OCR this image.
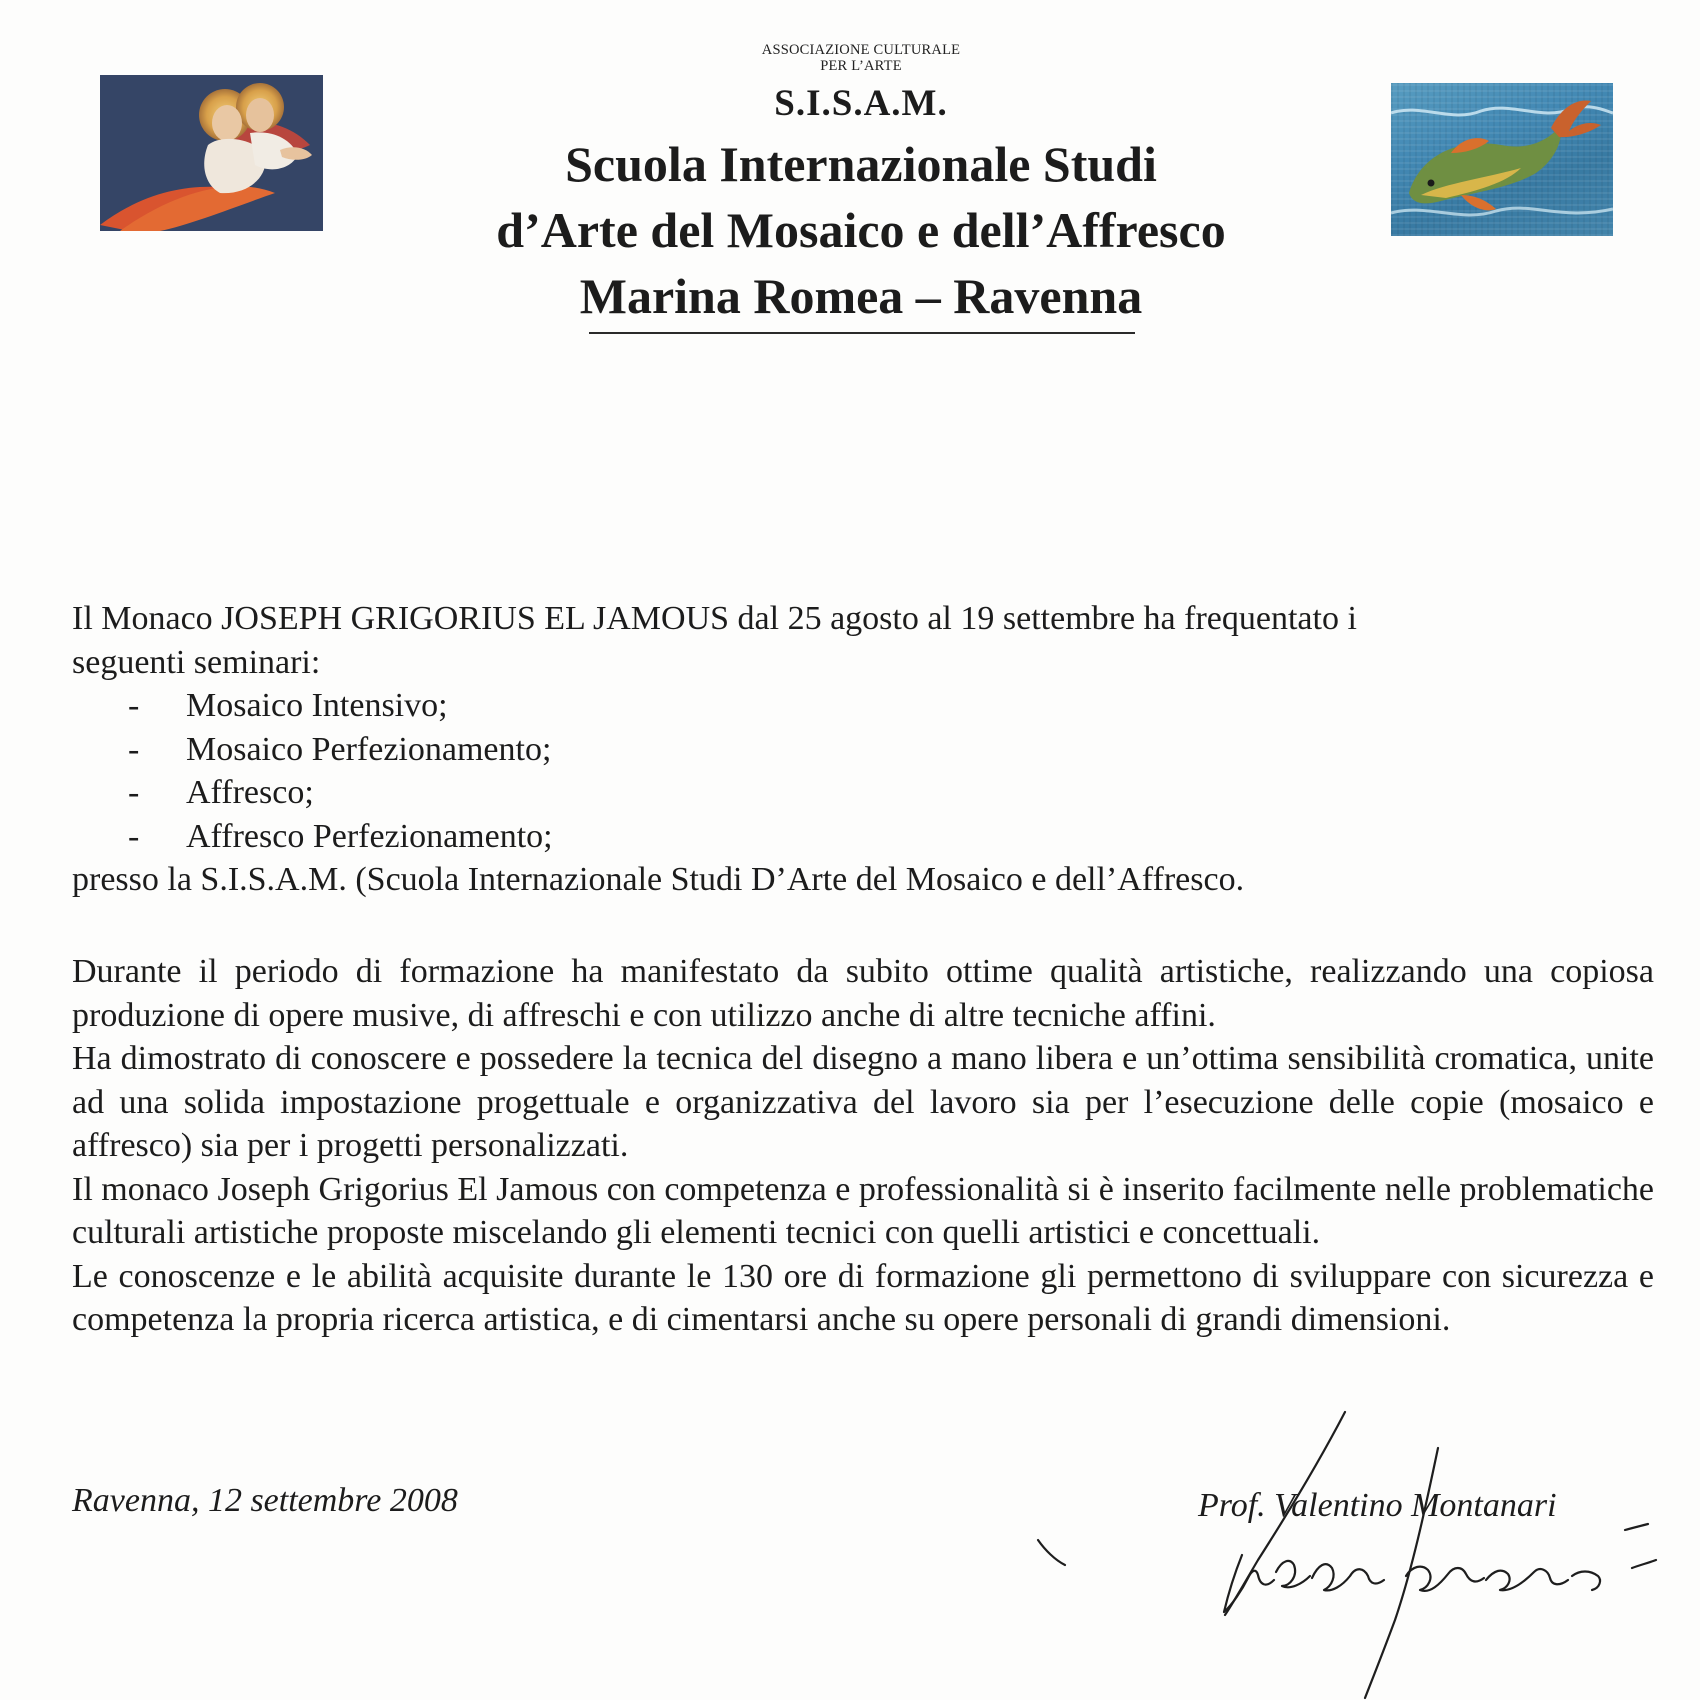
ASSOCIAZIONE CULTURALE
PER L’ARTE
S.I.S.A.M.
Scuola Internazionale Studi
d’Arte del Mosaico e dell’Affresco
Marina Romea – Ravenna

Il Monaco JOSEPH GRIGORIUS EL JAMOUS dal 25 agosto al 19 settembre ha frequentato i

seguenti seminari:

- Mosaico Intensivo;
- Mosaico Perfezionamento;
- Affresco;
- Affresco Perfezionamento;

presso la S.I.S.A.M. (Scuola Internazionale Studi D’Arte del Mosaico e dell’Affresco.

Durante il periodo di formazione ha manifestato da subito ottime qualità artistiche, realizzando una copiosa produzione di opere musive, di affreschi e con utilizzo anche di altre tecniche affini.

Ha dimostrato di conoscere e possedere la tecnica del disegno a mano libera e un’ottima sensibilità cromatica, unite ad una solida impostazione progettuale e organizzativa del lavoro sia per l’esecuzione delle copie (mosaico e affresco) sia per i progetti personalizzati.

Il monaco Joseph Grigorius El Jamous con competenza e professionalità si è inserito facilmente nelle problematiche culturali artistiche proposte miscelando gli elementi tecnici con quelli artistici e concettuali.

Le conoscenze e le abilità acquisite durante le 130 ore di formazione gli permettono di sviluppare con sicurezza e competenza la propria ricerca artistica, e di cimentarsi anche su opere personali di grandi dimensioni.

Ravenna, 12 settembre 2008	Prof. Valentino Montanari
